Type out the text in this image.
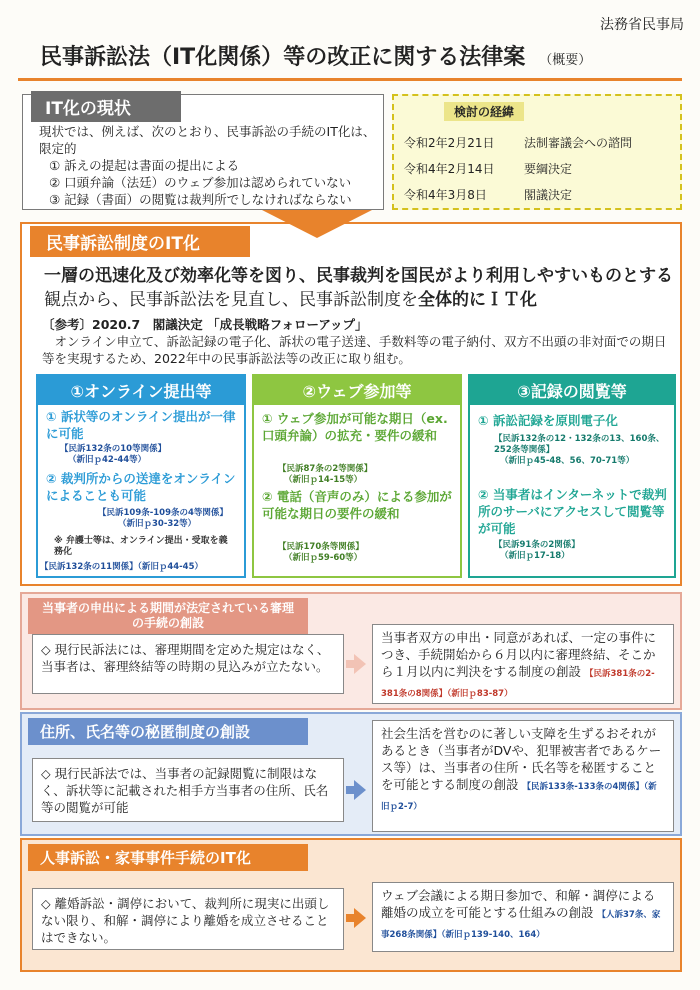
法務省民事局
民事訴訟法（IT化関係）等の改正に関する法律案 （概要）
IT化の現状
現状では、例えば、次のとおり、民事訴訟の手続のIT化は、限定的
① 訴えの提起は書面の提出による
② 口頭弁論（法廷）のウェブ参加は認められていない
③ 記録（書面）の閲覧は裁判所でしなければならない
検討の経緯
令和2年2月21日 法制審議会への諮問
令和4年2月14日 要綱決定
令和4年3月8日	閣議決定
民事訴訟制度のIT化
一層の迅速化及び効率化等を図り、民事裁判を国民がより利用しやすいものとする観点から、民事訴訟法を見直し、民事訴訟制度を全体的にＩＴ化
〔参考〕2020.7　閣議決定 「成長戦略フォローアップ」
オンライン申立て、訴訟記録の電子化、訴状の電子送達、手数料等の電子納付、双方不出頭の非対面での期日等を実現するため、2022年中の民事訴訟法等の改正に取り組む。
①オンライン提出等
① 訴状等のオンライン提出が一律に可能
【民訴132条の10等関係】
（新旧ｐ42-44等）
② 裁判所からの送達をオンラインによることも可能
【民訴109条-109条の4等関係】
（新旧ｐ30-32等）
※ 弁護士等は、オンライン提出・受取を義務化
【民訴132条の11関係】（新旧ｐ44-45）
②ウェブ参加等
① ウェブ参加が可能な期日（ex. 口頭弁論）の拡充・要件の緩和
【民訴87条の2等関係】
（新旧ｐ14-15等）
② 電話（音声のみ）による参加が可能な期日の要件の緩和
【民訴170条等関係】
（新旧ｐ59-60等）
③記録の閲覧等
① 訴訟記録を原則電子化
【民訴132条の12・132条の13、160条、252条等関係】
（新旧ｐ45-48、56、70-71等）
② 当事者はインターネットで裁判所のサーバにアクセスして閲覧等が可能
【民訴91条の2関係】
（新旧ｐ17-18）
当事者の申出による期間が法定されている審理の手続の創設
◇ 現行民訴法には、審理期間を定めた規定はなく、当事者は、審理終結等の時期の見込みが立たない。
当事者双方の申出・同意があれば、一定の事件につき、手続開始から６月以内に審理終結、そこから１月以内に判決をする制度の創設 【民訴381条の2-381条の8関係】（新旧ｐ83-87）
住所、氏名等の秘匿制度の創設
◇ 現行民訴法では、当事者の記録閲覧に制限はなく、訴状等に記載された相手方当事者の住所、氏名等の閲覧が可能
社会生活を営むのに著しい支障を生ずるおそれがあるとき（当事者がDVや、犯罪被害者であるケース等）は、当事者の住所・氏名等を秘匿することを可能とする制度の創設 【民訴133条-133条の4関係】（新旧ｐ2-7）
人事訴訟・家事事件手続のIT化
◇ 離婚訴訟・調停において、裁判所に現実に出頭しない限り、和解・調停により離婚を成立させることはできない。
ウェブ会議による期日参加で、和解・調停による離婚の成立を可能とする仕組みの創設 【人訴37条、家事268条関係】（新旧ｐ139-140、164）
